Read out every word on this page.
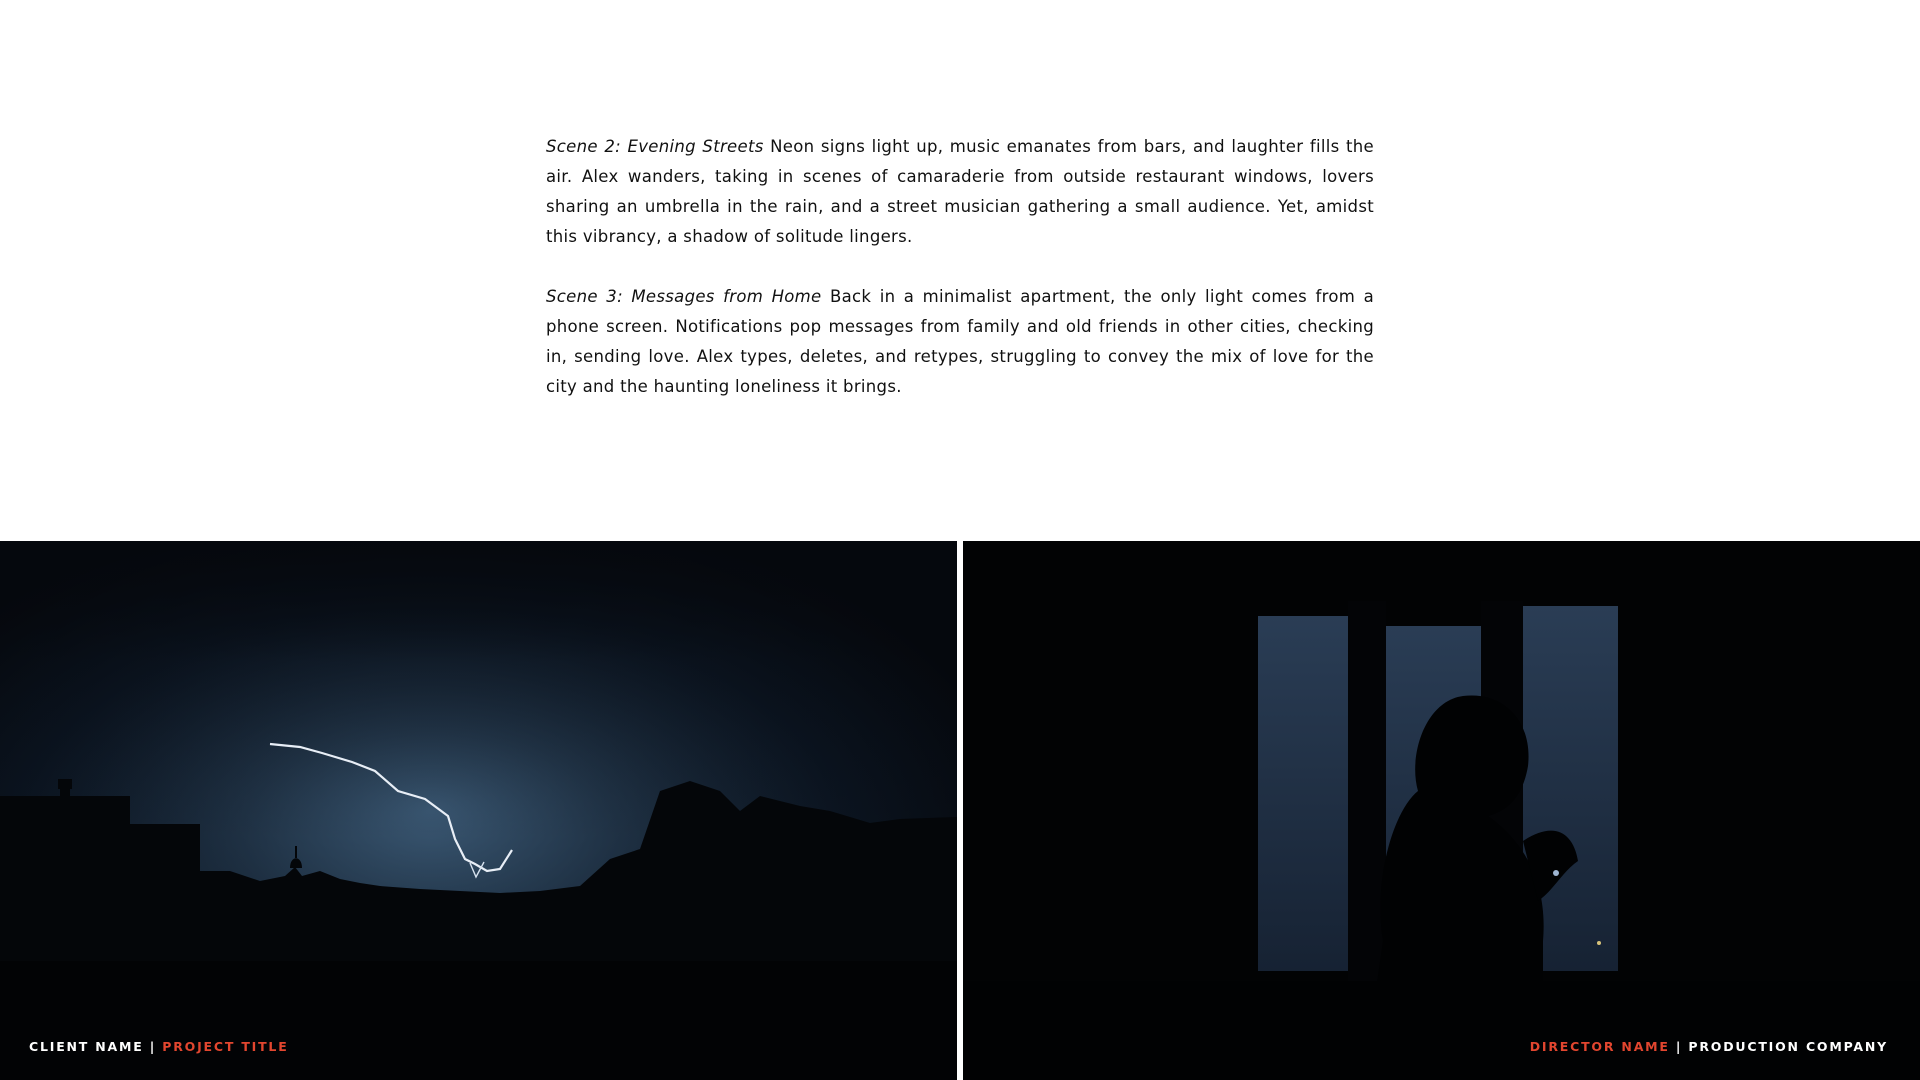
Scene 2: Evening Streets Neon signs light up, music emanates from bars, and laughter fills the air. Alex wanders, taking in scenes of camaraderie from outside restaurant windows, lovers sharing an umbrella in the rain, and a street musician gathering a small audience. Yet, amidst this vibrancy, a shadow of solitude lingers.

Scene 3: Messages from Home Back in a minimalist apartment, the only light comes from a phone screen. Notifications pop messages from family and old friends in other cities, checking in, sending love. Alex types, deletes, and retypes, struggling to convey the mix of love for the city and the haunting loneliness it brings.

CLIENT NAME | PROJECT TITLE	DIRECTOR NAME | PRODUCTION COMPANY
